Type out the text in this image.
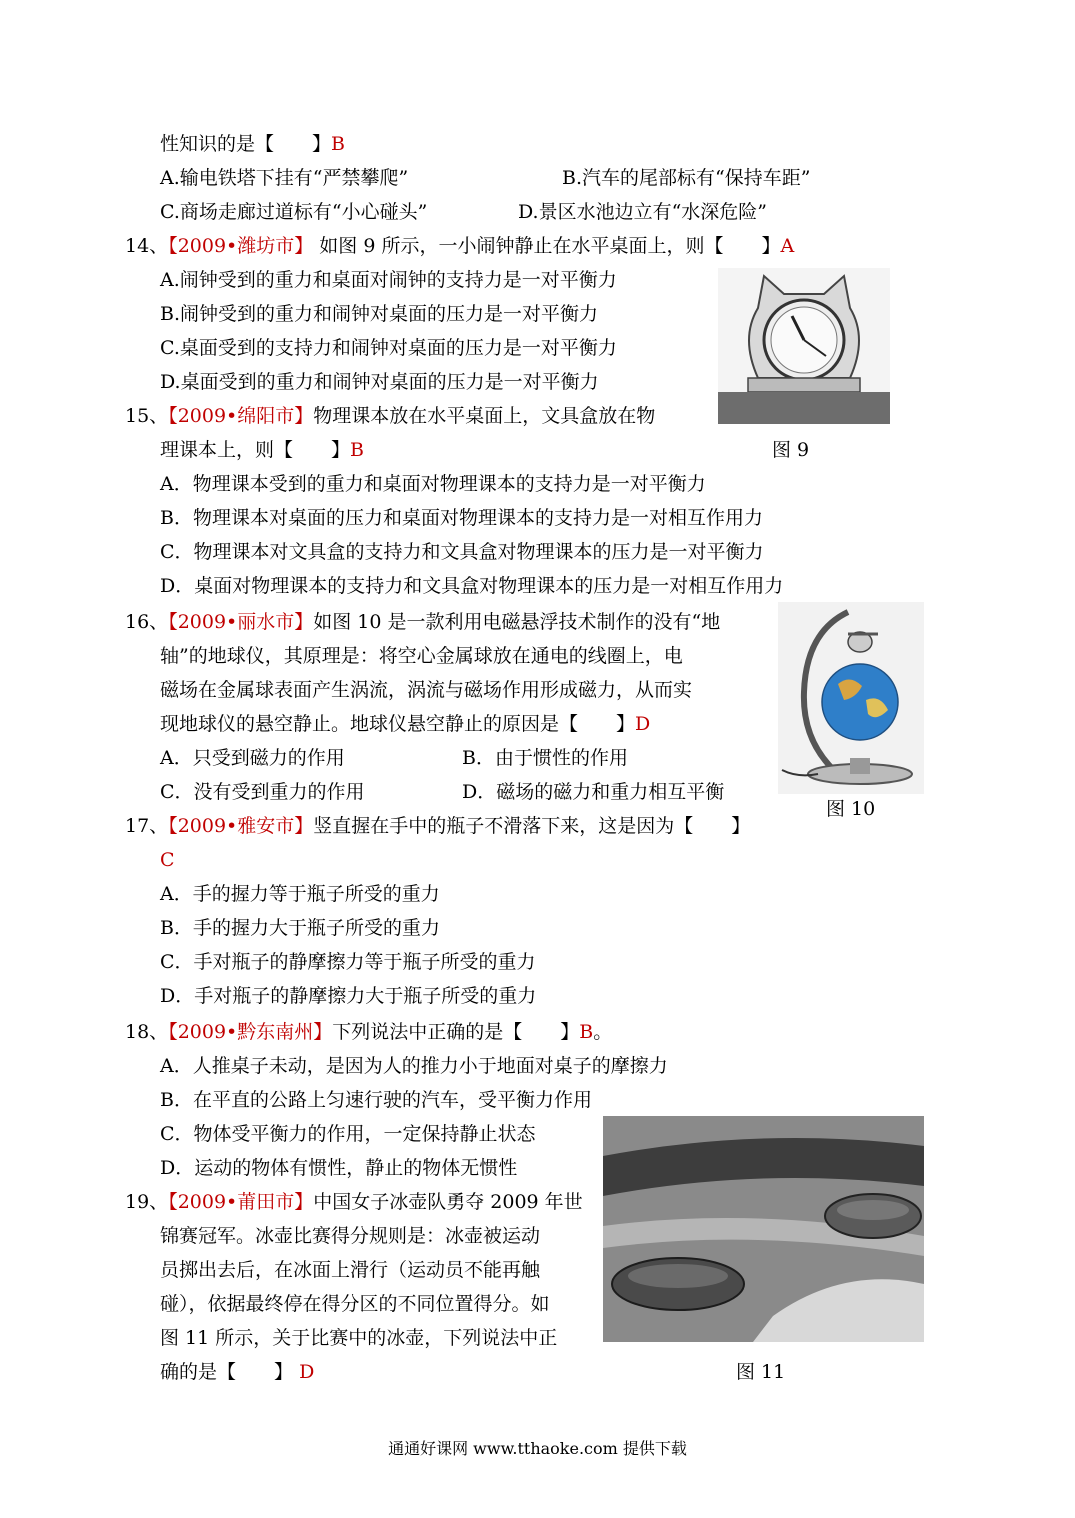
性知识的是【　　】B
A.输电铁塔下挂有“严禁攀爬”	B.汽车的尾部标有“保持车距”
C.商场走廊过道标有“小心碰头”	D.景区水池边立有“水深危险”
14、【2009•潍坊市】 如图 9 所示，一小闹钟静止在水平桌面上，则【　　】A
A.闹钟受到的重力和桌面对闹钟的支持力是一对平衡力
B.闹钟受到的重力和闹钟对桌面的压力是一对平衡力
C.桌面受到的支持力和闹钟对桌面的压力是一对平衡力
D.桌面受到的重力和闹钟对桌面的压力是一对平衡力
15、【2009•绵阳市】物理课本放在水平桌面上，文具盒放在物
理课本上，则【　　】B	图 9
A．物理课本受到的重力和桌面对物理课本的支持力是一对平衡力
B．物理课本对桌面的压力和桌面对物理课本的支持力是一对相互作用力
C．物理课本对文具盒的支持力和文具盒对物理课本的压力是一对平衡力
D．桌面对物理课本的支持力和文具盒对物理课本的压力是一对相互作用力
16、【2009•丽水市】如图 10 是一款利用电磁悬浮技术制作的没有“地
轴”的地球仪，其原理是：将空心金属球放在通电的线圈上，电
磁场在金属球表面产生涡流，涡流与磁场作用形成磁力，从而实
现地球仪的悬空静止。地球仪悬空静止的原因是【　　】D
A．只受到磁力的作用	B．由于惯性的作用
C．没有受到重力的作用	D．磁场的磁力和重力相互平衡
图 10
17、【2009•雅安市】竖直握在手中的瓶子不滑落下来，这是因为【　　】
C
A．手的握力等于瓶子所受的重力
B．手的握力大于瓶子所受的重力
C．手对瓶子的静摩擦力等于瓶子所受的重力
D．手对瓶子的静摩擦力大于瓶子所受的重力
18、【2009•黔东南州】下列说法中正确的是【　　】B。
A．人推桌子未动，是因为人的推力小于地面对桌子的摩擦力
B．在平直的公路上匀速行驶的汽车，受平衡力作用
C．物体受平衡力的作用，一定保持静止状态
D．运动的物体有惯性，静止的物体无惯性
19、【2009•莆田市】中国女子冰壶队勇夺 2009 年世
锦赛冠军。冰壶比赛得分规则是：冰壶被运动
员掷出去后，在冰面上滑行（运动员不能再触
碰），依据最终停在得分区的不同位置得分。如
图 11 所示，关于比赛中的冰壶，下列说法中正
确的是【　　】 D	图 11
通通好课网 www.tthaoke.com 提供下载
